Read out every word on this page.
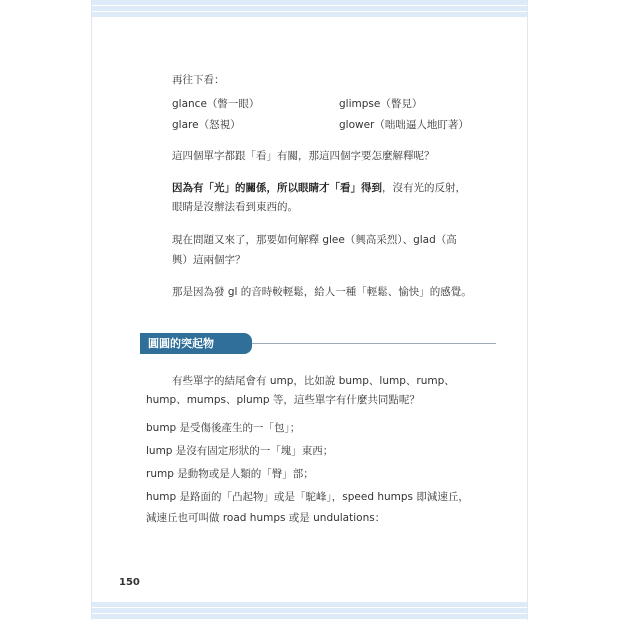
再往下看：
glance（瞥一眼）	glimpse（瞥見）
glare（怒視）	glower（咄咄逼人地盯著）
這四個單字都跟「看」有關，那這四個字要怎麼解釋呢？
因為有「光」的關係，所以眼睛才「看」得到，沒有光的反射，
眼睛是沒辦法看到東西的。
現在問題又來了，那要如何解釋 glee（興高采烈）、glad（高
興）這兩個字？
那是因為發 gl 的音時較輕鬆，給人一種「輕鬆、愉快」的感覺。
圓圓的突起物
有些單字的結尾會有 ump，比如說 bump、lump、rump、
hump、mumps、plump 等，這些單字有什麼共同點呢？
bump 是受傷後產生的一「包」；
lump 是沒有固定形狀的一「塊」東西；
rump 是動物或是人類的「臀」部；
hump 是路面的「凸起物」或是「駝峰」，speed humps 即減速丘，
減速丘也可叫做 road humps 或是 undulations：
150
